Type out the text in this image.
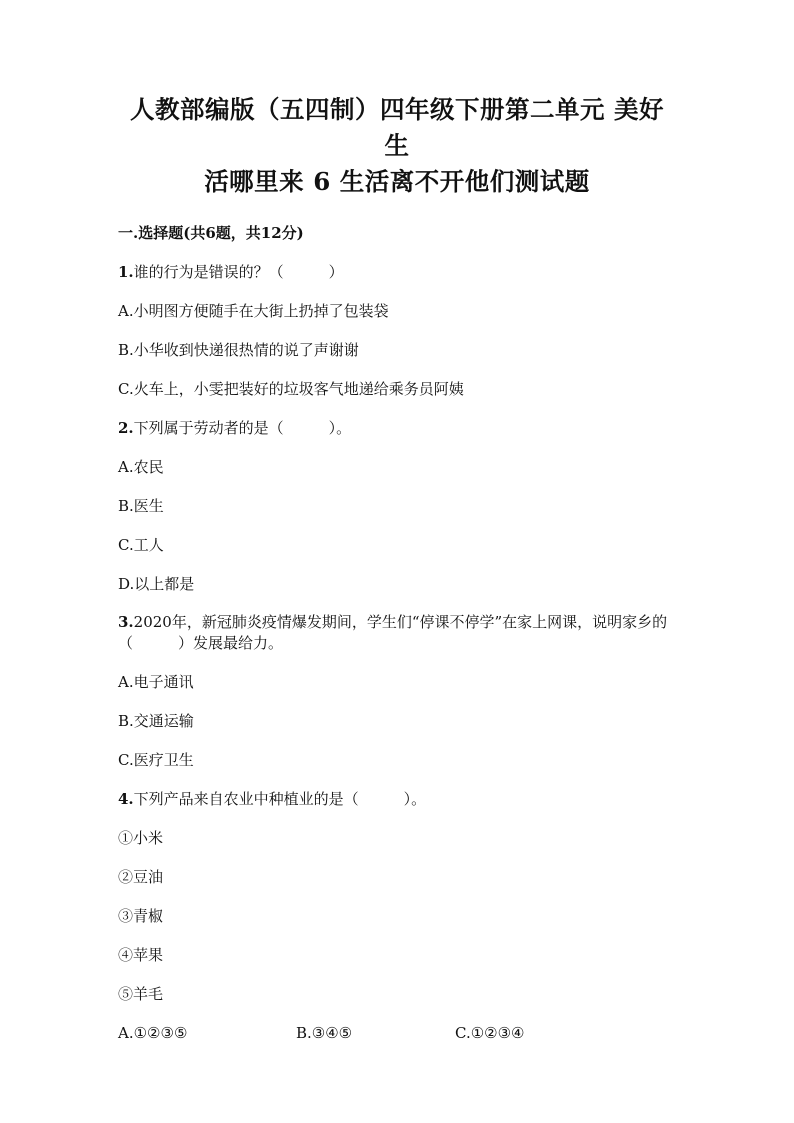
人教部编版（五四制）四年级下册第二单元 美好生
活哪里来 6 生活离不开他们测试题
一.选择题(共6题，共12分)
1.谁的行为是错误的？（　　　）
A.小明图方便随手在大街上扔掉了包装袋
B.小华收到快递很热情的说了声谢谢
C.火车上，小雯把装好的垃圾客气地递给乘务员阿姨
2.下列属于劳动者的是（　　　）。
A.农民
B.医生
C.工人
D.以上都是
3.2020年，新冠肺炎疫情爆发期间，学生们“停课不停学”在家上网课，说明家乡的（　　　）发展最给力。
A.电子通讯
B.交通运输
C.医疗卫生
4.下列产品来自农业中种植业的是（　　　）。
①小米
②豆油
③青椒
④苹果
⑤羊毛
A.①②③⑤	B.③④⑤	C.①②③④
